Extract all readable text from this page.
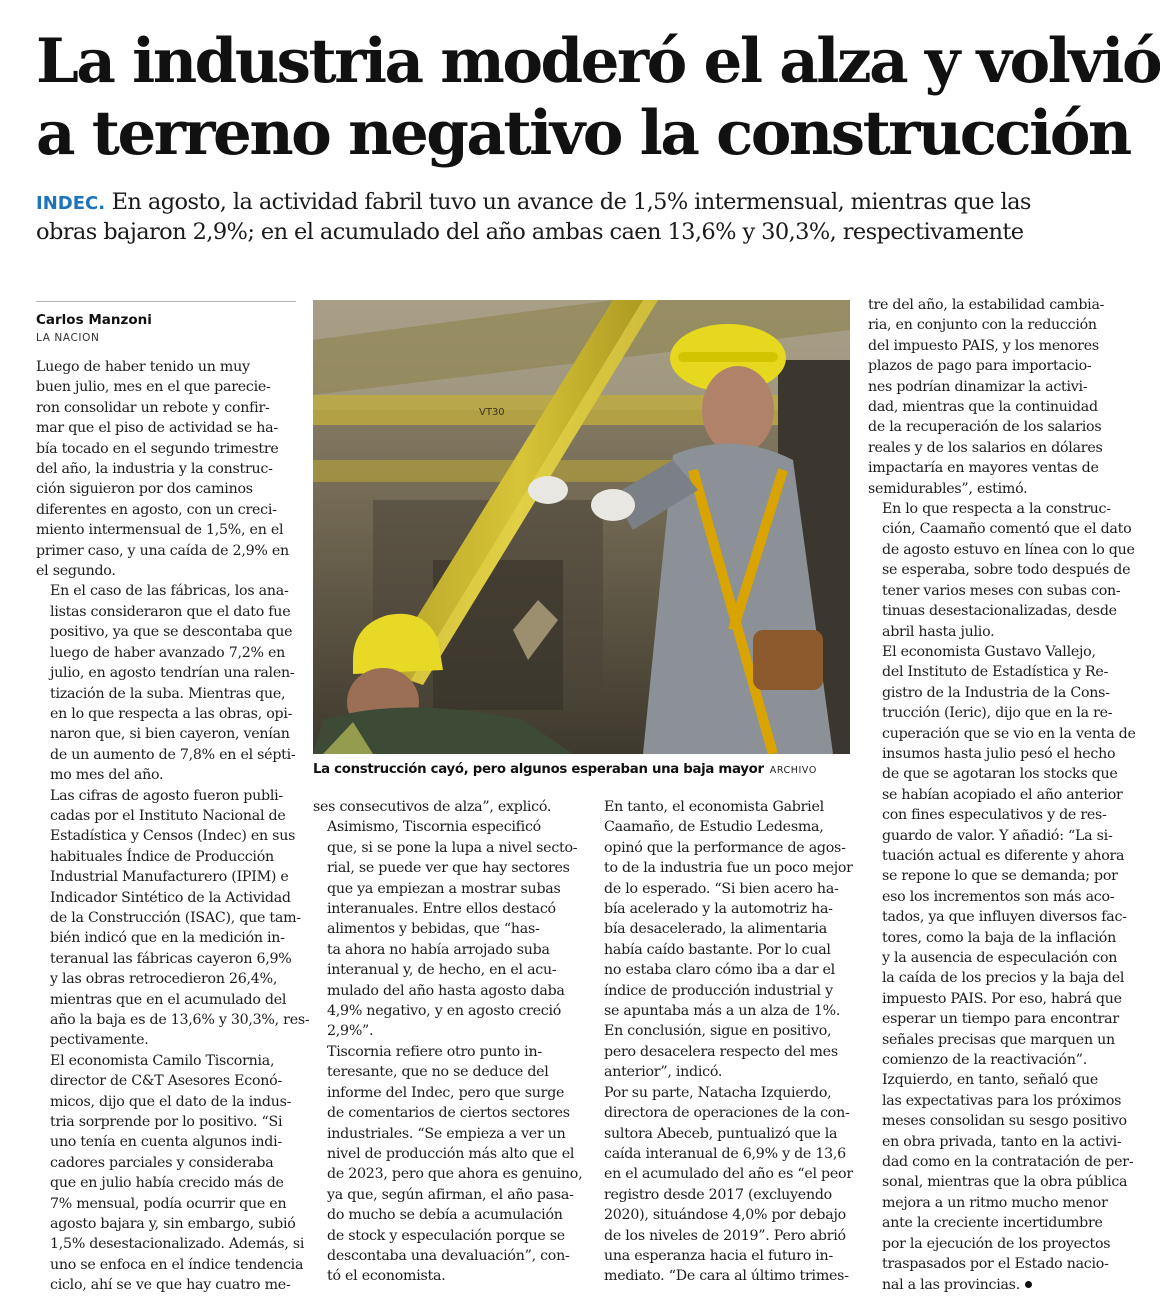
La industria moderó el alza y volvió
a terreno negativo la construcción
INDEC. En agosto, la actividad fabril tuvo un avance de 1,5% intermensual, mientras que las
obras bajaron 2,9%; en el acumulado del año ambas caen 13,6% y 30,3%, respectivamente
Carlos Manzoni
LA NACION

Luego de haber tenido un muy
buen julio, mes en el que parecie-
ron consolidar un rebote y confir-
mar que el piso de actividad se ha-
bía tocado en el segundo trimestre
del año, la industria y la construc-
ción siguieron por dos caminos
diferentes en agosto, con un creci-
miento intermensual de 1,5%, en el
primer caso, y una caída de 2,9% en
el segundo.

En el caso de las fábricas, los ana-
listas consideraron que el dato fue
positivo, ya que se descontaba que
luego de haber avanzado 7,2% en
julio, en agosto tendrían una ralen-
tización de la suba. Mientras que,
en lo que respecta a las obras, opi-
naron que, si bien cayeron, venían
de un aumento de 7,8% en el sépti-
mo mes del año.

Las cifras de agosto fueron publi-
cadas por el Instituto Nacional de
Estadística y Censos (Indec) en sus
habituales Índice de Producción
Industrial Manufacturero (IPIM) e
Indicador Sintético de la Actividad
de la Construcción (ISAC), que tam-
bién indicó que en la medición in-
teranual las fábricas cayeron 6,9%
y las obras retrocedieron 26,4%,
mientras que en el acumulado del
año la baja es de 13,6% y 30,3%, res-
pectivamente.

El economista Camilo Tiscornia,
director de C&T Asesores Econó-
micos, dijo que el dato de la indus-
tria sorprende por lo positivo. “Si
uno tenía en cuenta algunos indi-
cadores parciales y consideraba
que en julio había crecido más de
7% mensual, podía ocurrir que en
agosto bajara y, sin embargo, subió
1,5% desestacionalizado. Además, si
uno se enfoca en el índice tendencia
ciclo, ahí se ve que hay cuatro me-

VT30
La construcción cayó, pero algunos esperaban una baja mayor ARCHIVO

ses consecutivos de alza”, explicó.

Asimismo, Tiscornia especificó
que, si se pone la lupa a nivel secto-
rial, se puede ver que hay sectores
que ya empiezan a mostrar subas
interanuales. Entre ellos destacó
alimentos y bebidas, que “has-
ta ahora no había arrojado suba
interanual y, de hecho, en el acu-
mulado del año hasta agosto daba
4,9% negativo, y en agosto creció
2,9%”.

Tiscornia refiere otro punto in-
teresante, que no se deduce del
informe del Indec, pero que surge
de comentarios de ciertos sectores
industriales. “Se empieza a ver un
nivel de producción más alto que el
de 2023, pero que ahora es genuino,
ya que, según afirman, el año pasa-
do mucho se debía a acumulación
de stock y especulación porque se
descontaba una devaluación”, con-
tó el economista.

En tanto, el economista Gabriel
Caamaño, de Estudio Ledesma,
opinó que la performance de agos-
to de la industria fue un poco mejor
de lo esperado. “Si bien acero ha-
bía acelerado y la automotriz ha-
bía desacelerado, la alimentaria
había caído bastante. Por lo cual
no estaba claro cómo iba a dar el
índice de producción industrial y
se apuntaba más a un alza de 1%.
En conclusión, sigue en positivo,
pero desacelera respecto del mes
anterior”, indicó.

Por su parte, Natacha Izquierdo,
directora de operaciones de la con-
sultora Abeceb, puntualizó que la
caída interanual de 6,9% y de 13,6
en el acumulado del año es “el peor
registro desde 2017 (excluyendo
2020), situándose 4,0% por debajo
de los niveles de 2019”. Pero abrió
una esperanza hacia el futuro in-
mediato. “De cara al último trimes-

tre del año, la estabilidad cambia-
ria, en conjunto con la reducción
del impuesto PAIS, y los menores
plazos de pago para importacio-
nes podrían dinamizar la activi-
dad, mientras que la continuidad
de la recuperación de los salarios
reales y de los salarios en dólares
impactaría en mayores ventas de
semidurables”, estimó.

En lo que respecta a la construc-
ción, Caamaño comentó que el dato
de agosto estuvo en línea con lo que
se esperaba, sobre todo después de
tener varios meses con subas con-
tinuas desestacionalizadas, desde
abril hasta julio.

El economista Gustavo Vallejo,
del Instituto de Estadística y Re-
gistro de la Industria de la Cons-
trucción (Ieric), dijo que en la re-
cuperación que se vio en la venta de
insumos hasta julio pesó el hecho
de que se agotaran los stocks que
se habían acopiado el año anterior
con fines especulativos y de res-
guardo de valor. Y añadió: “La si-
tuación actual es diferente y ahora
se repone lo que se demanda; por
eso los incrementos son más aco-
tados, ya que influyen diversos fac-
tores, como la baja de la inflación
y la ausencia de especulación con
la caída de los precios y la baja del
impuesto PAIS. Por eso, habrá que
esperar un tiempo para encontrar
señales precisas que marquen un
comienzo de la reactivación”.

Izquierdo, en tanto, señaló que
las expectativas para los próximos
meses consolidan su sesgo positivo
en obra privada, tanto en la activi-
dad como en la contratación de per-
sonal, mientras que la obra pública
mejora a un ritmo mucho menor
ante la creciente incertidumbre
por la ejecución de los proyectos
traspasados por el Estado nacio-
nal a las provincias.
